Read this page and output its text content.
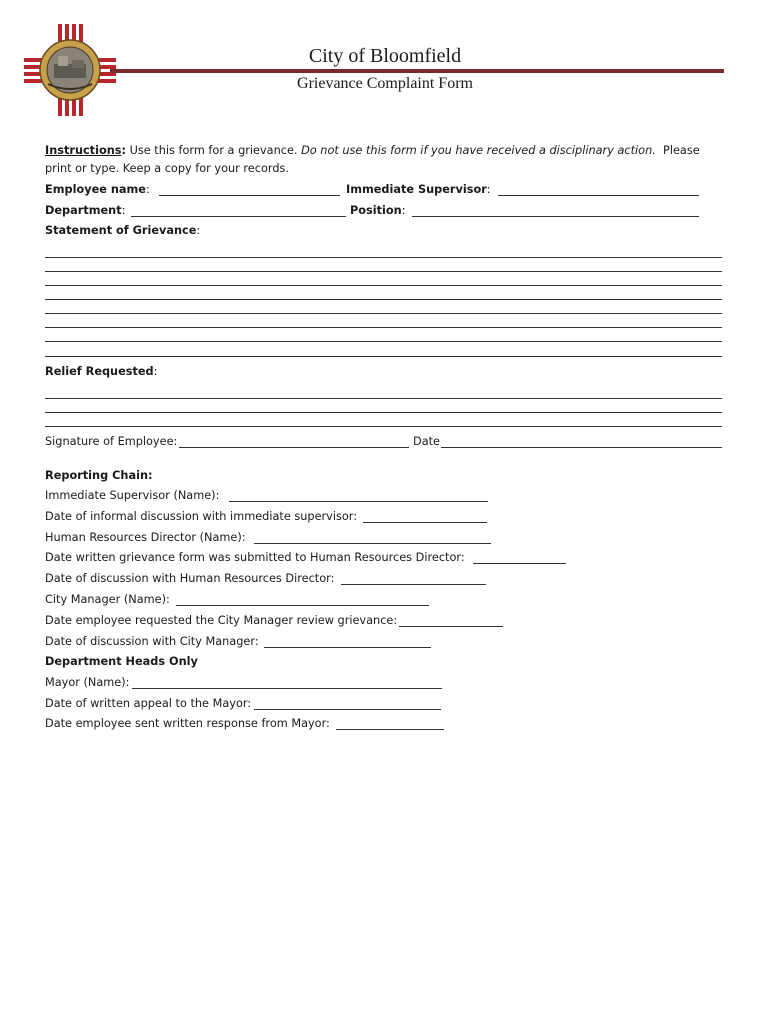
City of Bloomfield
Grievance Complaint Form
Instructions: Use this form for a grievance. Do not use this form if you have received a disciplinary action.  Please
print or type. Keep a copy for your records.
Employee name:	Immediate Supervisor:
Department:	Position:
Statement of Grievance:
Relief Requested:
Signature of Employee:	Date
Reporting Chain:
Immediate Supervisor (Name):
Date of informal discussion with immediate supervisor:
Human Resources Director (Name):
Date written grievance form was submitted to Human Resources Director:
Date of discussion with Human Resources Director:
City Manager (Name):
Date employee requested the City Manager review grievance:
Date of discussion with City Manager:
Department Heads Only
Mayor (Name):
Date of written appeal to the Mayor:
Date employee sent written response from Mayor:
